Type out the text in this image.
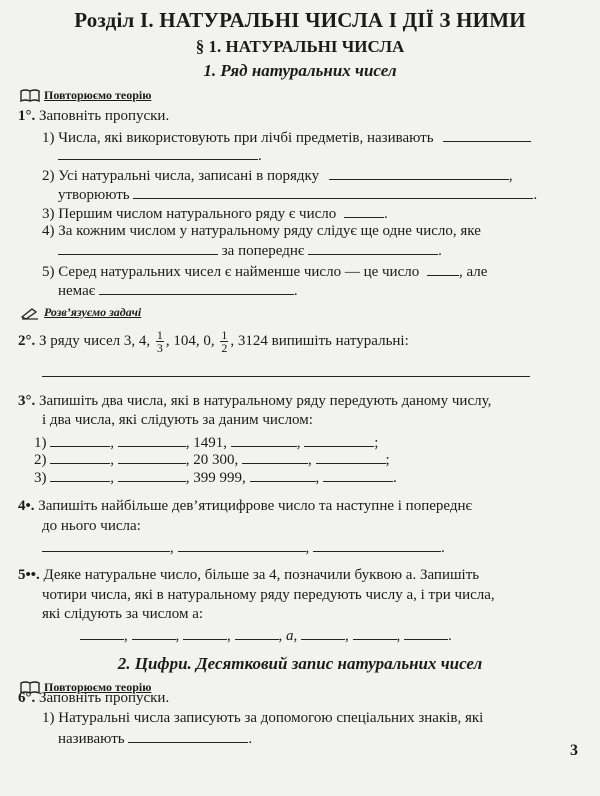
Розділ I. НАТУРАЛЬНІ ЧИСЛА І ДІЇ З НИМИ
§ 1. НАТУРАЛЬНІ ЧИСЛА
1. Ряд натуральних чисел
Повторюємо теорію
1°. Заповніть пропуски.
1) Числа, які використовують при лічбі предметів, називають
.
2) Усі натуральні числа, записані в порядку	,
утворюють	.
3) Першим числом натурального ряду є число	.
4) За кожним числом у натуральному ряду слідує ще одне число, яке
за попереднє	.
5) Серед натуральних чисел є найменше число — це число	, але
немає	.
Розв’язуємо задачі
2°. З ряду чисел 3, 4, $\frac{1}{3}$ , 104, 0, $\frac{1}{2}$ , 3124 випишіть натуральні:
3°. Запишіть два числа, які в натуральному ряду передують даному числу,
і два числа, які слідують за даним числом:
1)	,	, 1491,	,	;
2)	,	, 20 300,	,	;
3)	,	, 399 999,	,	.
4•. Запишіть найбільше дев’ятицифрове число та наступне і попереднє
до нього числа:
,	,	.
5••. Деяке натуральне число, більше за 4, позначили буквою a. Запишіть
чотири числа, які в натуральному ряду передують числу a, і три числа,
які слідують за числом a:
,	,	,	, a,	,	,	.
2. Цифри. Десятковий запис натуральних чисел
Повторюємо теорію
6°. Заповніть пропуски.
1) Натуральні числа записують за допомогою спеціальних знаків, які
називають	.
3
